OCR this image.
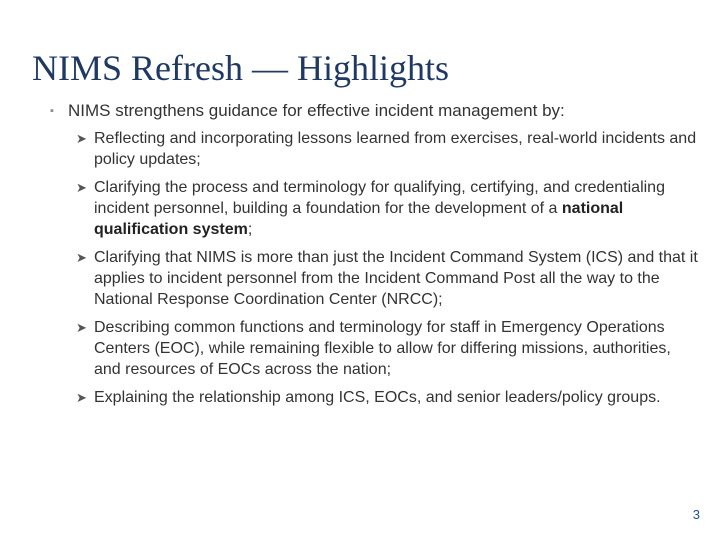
NIMS Refresh — Highlights
▪ NIMS strengthens guidance for effective incident management by:
➤ Reflecting and incorporating lessons learned from exercises, real-world incidents and policy updates;
➤ Clarifying the process and terminology for qualifying, certifying, and credentialing incident personnel, building a foundation for the development of a national qualification system;
➤ Clarifying that NIMS is more than just the Incident Command System (ICS) and that it applies to incident personnel from the Incident Command Post all the way to the National Response Coordination Center (NRCC);
➤ Describing common functions and terminology for staff in Emergency Operations Centers (EOC), while remaining flexible to allow for differing missions, authorities, and resources of EOCs across the nation;
➤ Explaining the relationship among ICS, EOCs, and senior leaders/policy groups.
3
